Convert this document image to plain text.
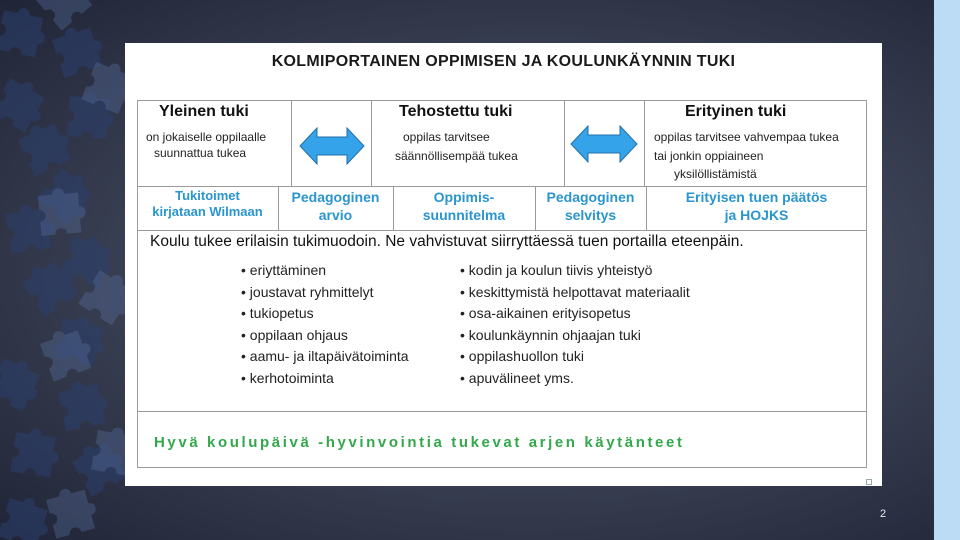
KOLMIPORTAINEN OPPIMISEN JA KOULUNKÄYNNIN TUKI
Yleinen tuki
on jokaiselle oppilaalle
suunnattua tukea
Tehostettu tuki
oppilas tarvitsee
säännöllisempää tukea
Erityinen tuki
oppilas tarvitsee vahvempaa tukea
tai jonkin oppiaineen
yksilöllistämistä
Tukitoimet
kirjataan Wilmaan
Pedagoginen
arvio
Oppimis-
suunnitelma
Pedagoginen
selvitys
Erityisen tuen päätös
ja HOJKS
Koulu tukee erilaisin tukimuodoin. Ne vahvistuvat siirryttäessä tuen portailla eteenpäin.
• eriyttäminen
• joustavat ryhmittelyt
• tukiopetus
• oppilaan ohjaus
• aamu- ja iltapäivätoiminta
• kerhotoiminta
• kodin ja koulun tiivis yhteistyö
• keskittymistä helpottavat materiaalit
• osa-aikainen erityisopetus
• koulunkäynnin ohjaajan tuki
• oppilashuollon tuki
• apuvälineet yms.
Hyvä koulupäivä -hyvinvointia tukevat arjen käytänteet
2
